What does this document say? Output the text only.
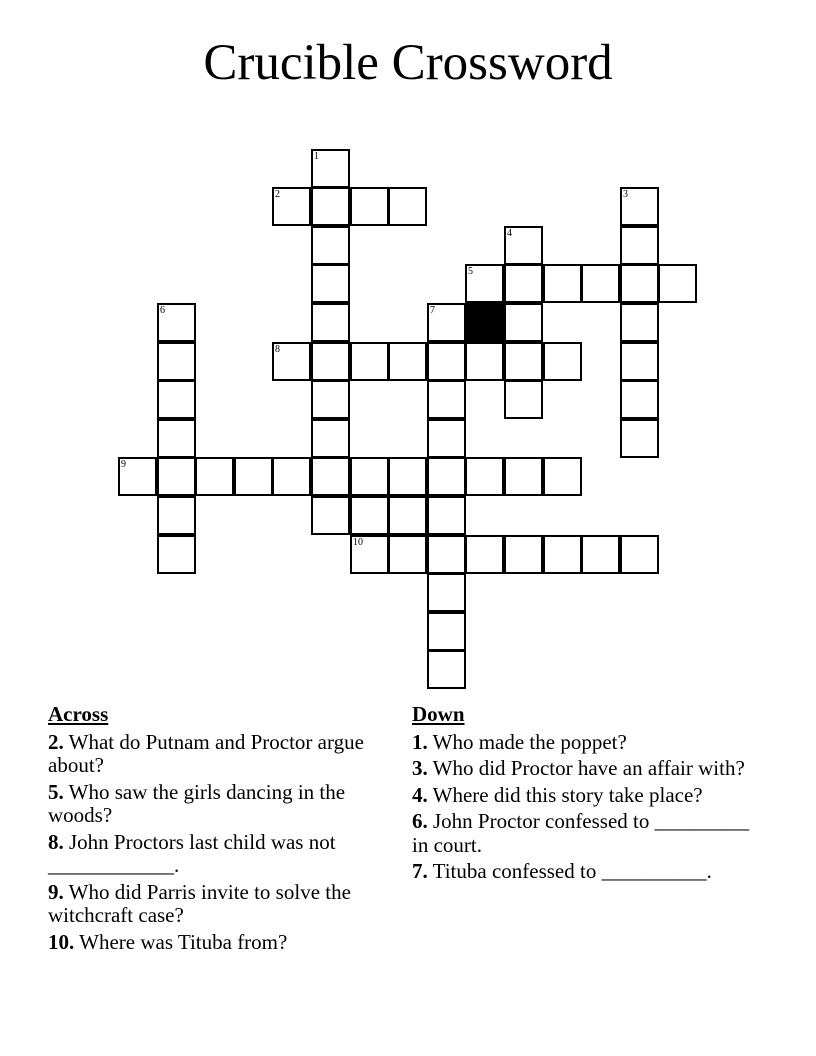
Crucible Crossword
1
2	3
4
5
6	7
8
9
10
Across
2. What do Putnam and Proctor argue about?
5. Who saw the girls dancing in the woods?
8. John Proctors last child was not ____________.
9. Who did Parris invite to solve the witchcraft case?
10. Where was Tituba from?
Down
1. Who made the poppet?
3. Who did Proctor have an affair with?
4. Where did this story take place?
6. John Proctor confessed to _________ in court.
7. Tituba confessed to __________.
